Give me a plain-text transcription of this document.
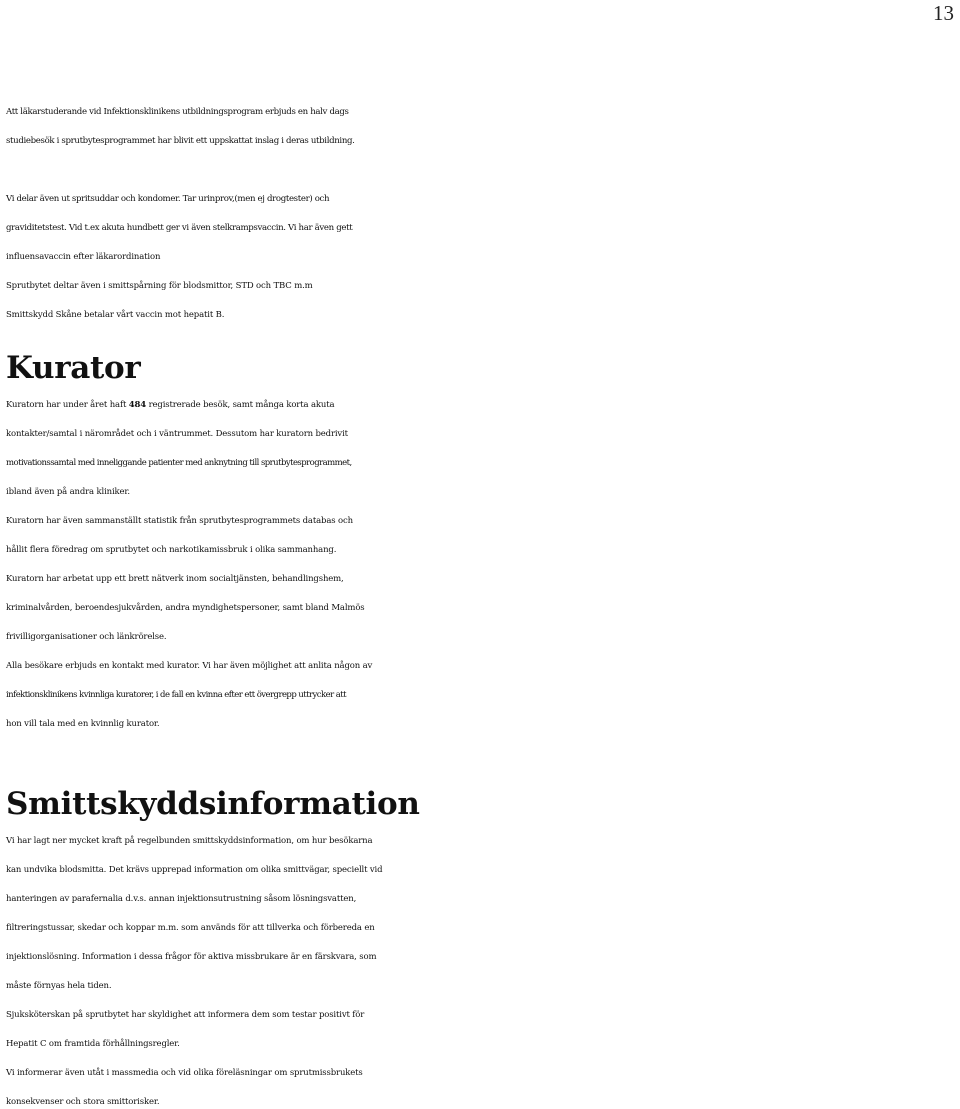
13

Att läkarstuderande vid Infektionsklinikens utbildningsprogram erbjuds en halv dags

studiebesök i sprutbytesprogrammet har blivit ett uppskattat inslag i deras utbildning.

Vi delar även ut spritsuddar och kondomer. Tar urinprov,(men ej drogtester) och

graviditetstest. Vid t.ex akuta hundbett ger vi även stelkrampsvaccin. Vi har även gett

influensavaccin efter läkarordination

Sprutbytet deltar även i smittspårning för blodsmittor, STD och TBC m.m

Smittskydd Skåne betalar vårt vaccin mot hepatit B.

Kurator

Kuratorn har under året haft 484 registrerade besök, samt många korta akuta

kontakter/samtal i närområdet och i väntrummet. Dessutom har kuratorn bedrivit

motivationssamtal med inneliggande patienter med anknytning till sprutbytesprogrammet,

ibland även på andra kliniker.

Kuratorn har även sammanställt statistik från sprutbytesprogrammets databas och

hållit flera föredrag om sprutbytet och narkotikamissbruk i olika sammanhang.

Kuratorn har arbetat upp ett brett nätverk inom socialtjänsten, behandlingshem,

kriminalvården, beroendesjukvården, andra myndighetspersoner, samt bland Malmös

frivilligorganisationer och länkrörelse.

Alla besökare erbjuds en kontakt med kurator. Vi har även möjlighet att anlita någon av

infektionsklinikens kvinnliga kuratorer, i de fall en kvinna efter ett övergrepp uttrycker att

hon vill tala med en kvinnlig kurator.

Smittskyddsinformation

Vi har lagt ner mycket kraft på regelbunden smittskyddsinformation, om hur besökarna

kan undvika blodsmitta. Det krävs upprepad information om olika smittvägar, speciellt vid

hanteringen av parafernalia d.v.s. annan injektionsutrustning såsom lösningsvatten,

filtreringstussar, skedar och koppar m.m. som används för att tillverka och förbereda en

injektionslösning. Information i dessa frågor för aktiva missbrukare är en färskvara, som

måste förnyas hela tiden.

Sjuksköterskan på sprutbytet har skyldighet att informera dem som testar positivt för

Hepatit C om framtida förhållningsregler.

Vi informerar även utåt i massmedia och vid olika föreläsningar om sprutmissbrukets

konsekvenser och stora smittorisker.
